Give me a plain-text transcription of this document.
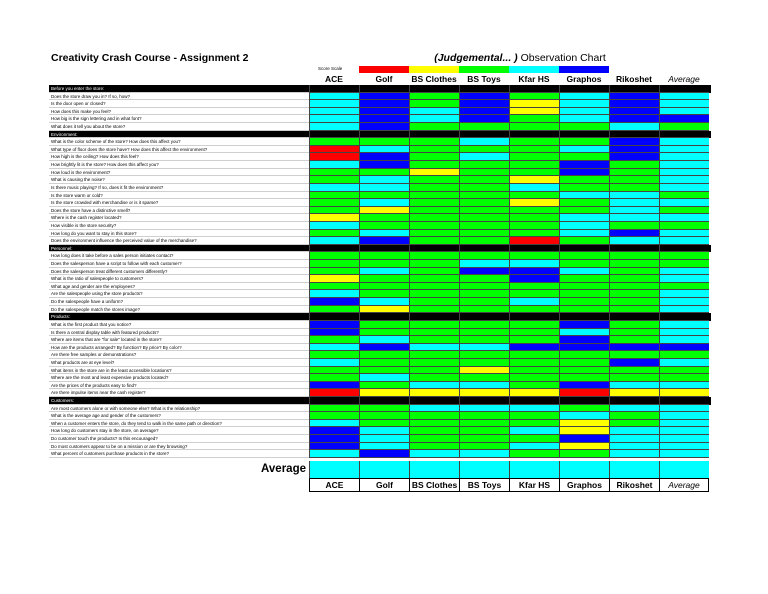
Creativity Crash Course - Assignment 2	(Judgemental... ) Observation Chart
Score Scale
ACE	Golf	BS Clothes	BS Toys	Kfar HS	Graphos	Rikoshet	Average
Before you enter the store:
Does the store draw you in? If so, how?
Is the door open or closed?
How does this make you feel?
How big is the sign lettering and in what font?
What does it tell you about the store?
Environment:
What is the color scheme of the store? How does this affect you?
What type of floor does the store have? How does this affect the environment?
How high is the ceiling? How does this feel?
How brightly lit is the store? How does this affect you?
How loud is the environment?
What is causing the noise?
Is there music playing? If so, does it fit the environment?
Is the store warm or cold?
Is the store crowded with merchandise or is it sparse?
Does the store have a distinctive smell?
Where is the cash register located?
How visible is the store security?
How long do you want to stay in this store?
Does the environment influence the perceived value of the merchandise?
Personnel:
How long does it take before a sales person initiates contact?
Does the salesperson have a script to follow with each customer?
Does the salesperson treat different customers differently?
What is the ratio of salespeople to customers?
What age and gender are the employees?
Are the salespeople using the store products?
Do the salespeople have a uniform?
Do the salespeople match the stores image?
Products:
What is the first product that you notice?
Is there a central display table with featured products?
Where are items that are "for sale" located in the store?
How are the products arranged? By function? By price? By color?
Are there free samples or demonstrations?
What products are at eye level?
What items in the store are in the least accessible locations?
Where are the most and least expensive products located?
Are the prices of the products easy to find?
Are there impulse items near the cash register?
Customers:
Are most customers alone or with someone else? What is the relationship?
What is the average age and gender of the customers?
When a customer enters the store, do they tend to walk in the same path or direction?
How long do customers stay in the store, on average?
Do customer touch the products? Is this encouraged?
Do most customers appear to be on a mission or are they browsing?
What percent of customers purchase products in the store?
Average
ACE	Golf	BS Clothes	BS Toys	Kfar HS	Graphos	Rikoshet	Average
